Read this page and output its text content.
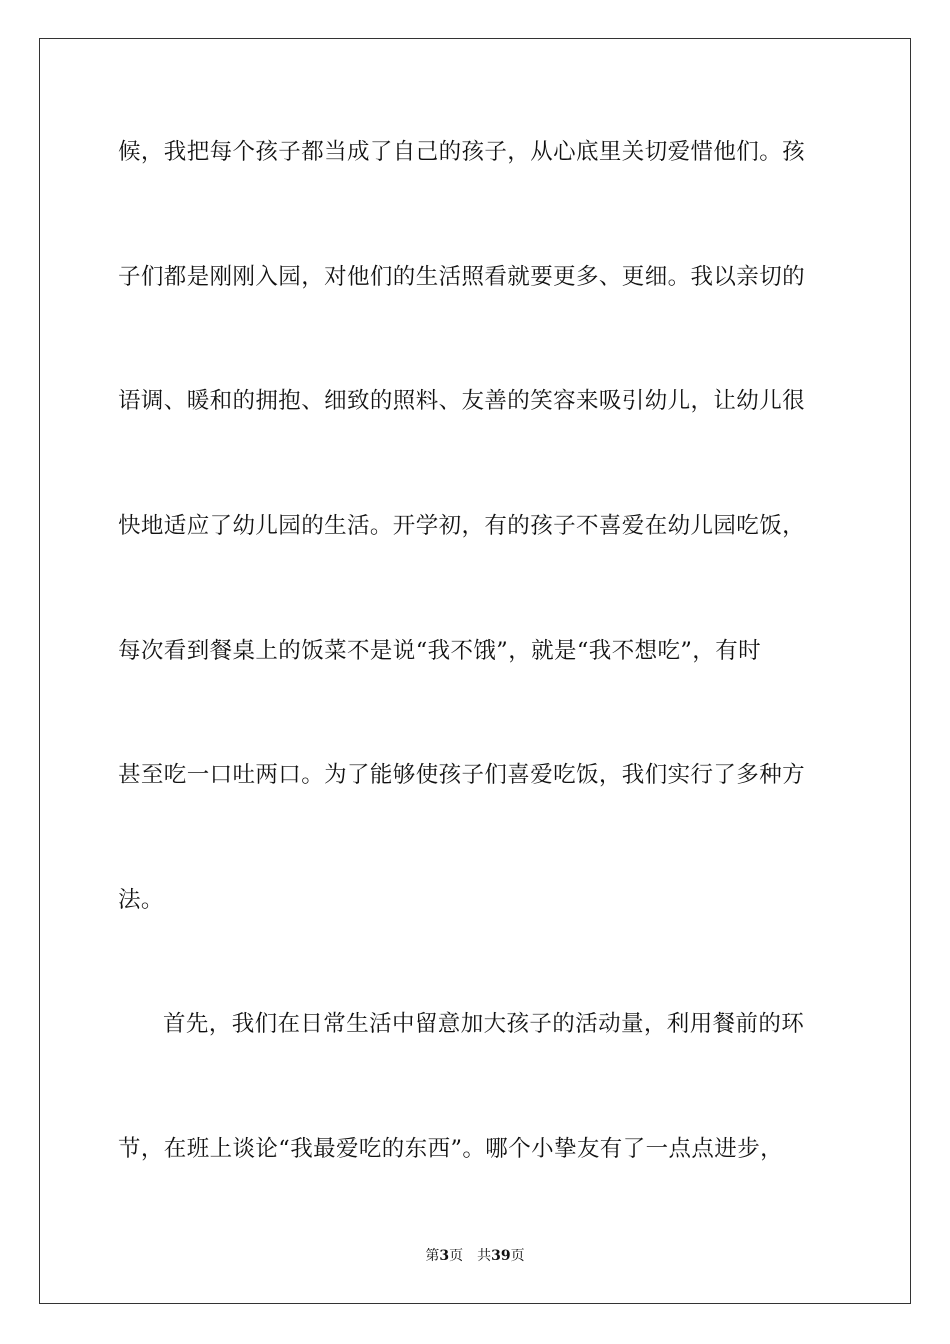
候，我把每个孩子都当成了自己的孩子，从心底里关切爱惜他们。孩
子们都是刚刚入园，对他们的生活照看就要更多、更细。我以亲切的
语调、暖和的拥抱、细致的照料、友善的笑容来吸引幼儿，让幼儿很
快地适应了幼儿园的生活。开学初，有的孩子不喜爱在幼儿园吃饭，
每次看到餐桌上的饭菜不是说“我不饿”，就是“我不想吃”，有时
甚至吃一口吐两口。为了能够使孩子们喜爱吃饭，我们实行了多种方
法。
首先，我们在日常生活中留意加大孩子的活动量，利用餐前的环
节，在班上谈论“我最爱吃的东西”。哪个小挚友有了一点点进步，
第3页 共39页
